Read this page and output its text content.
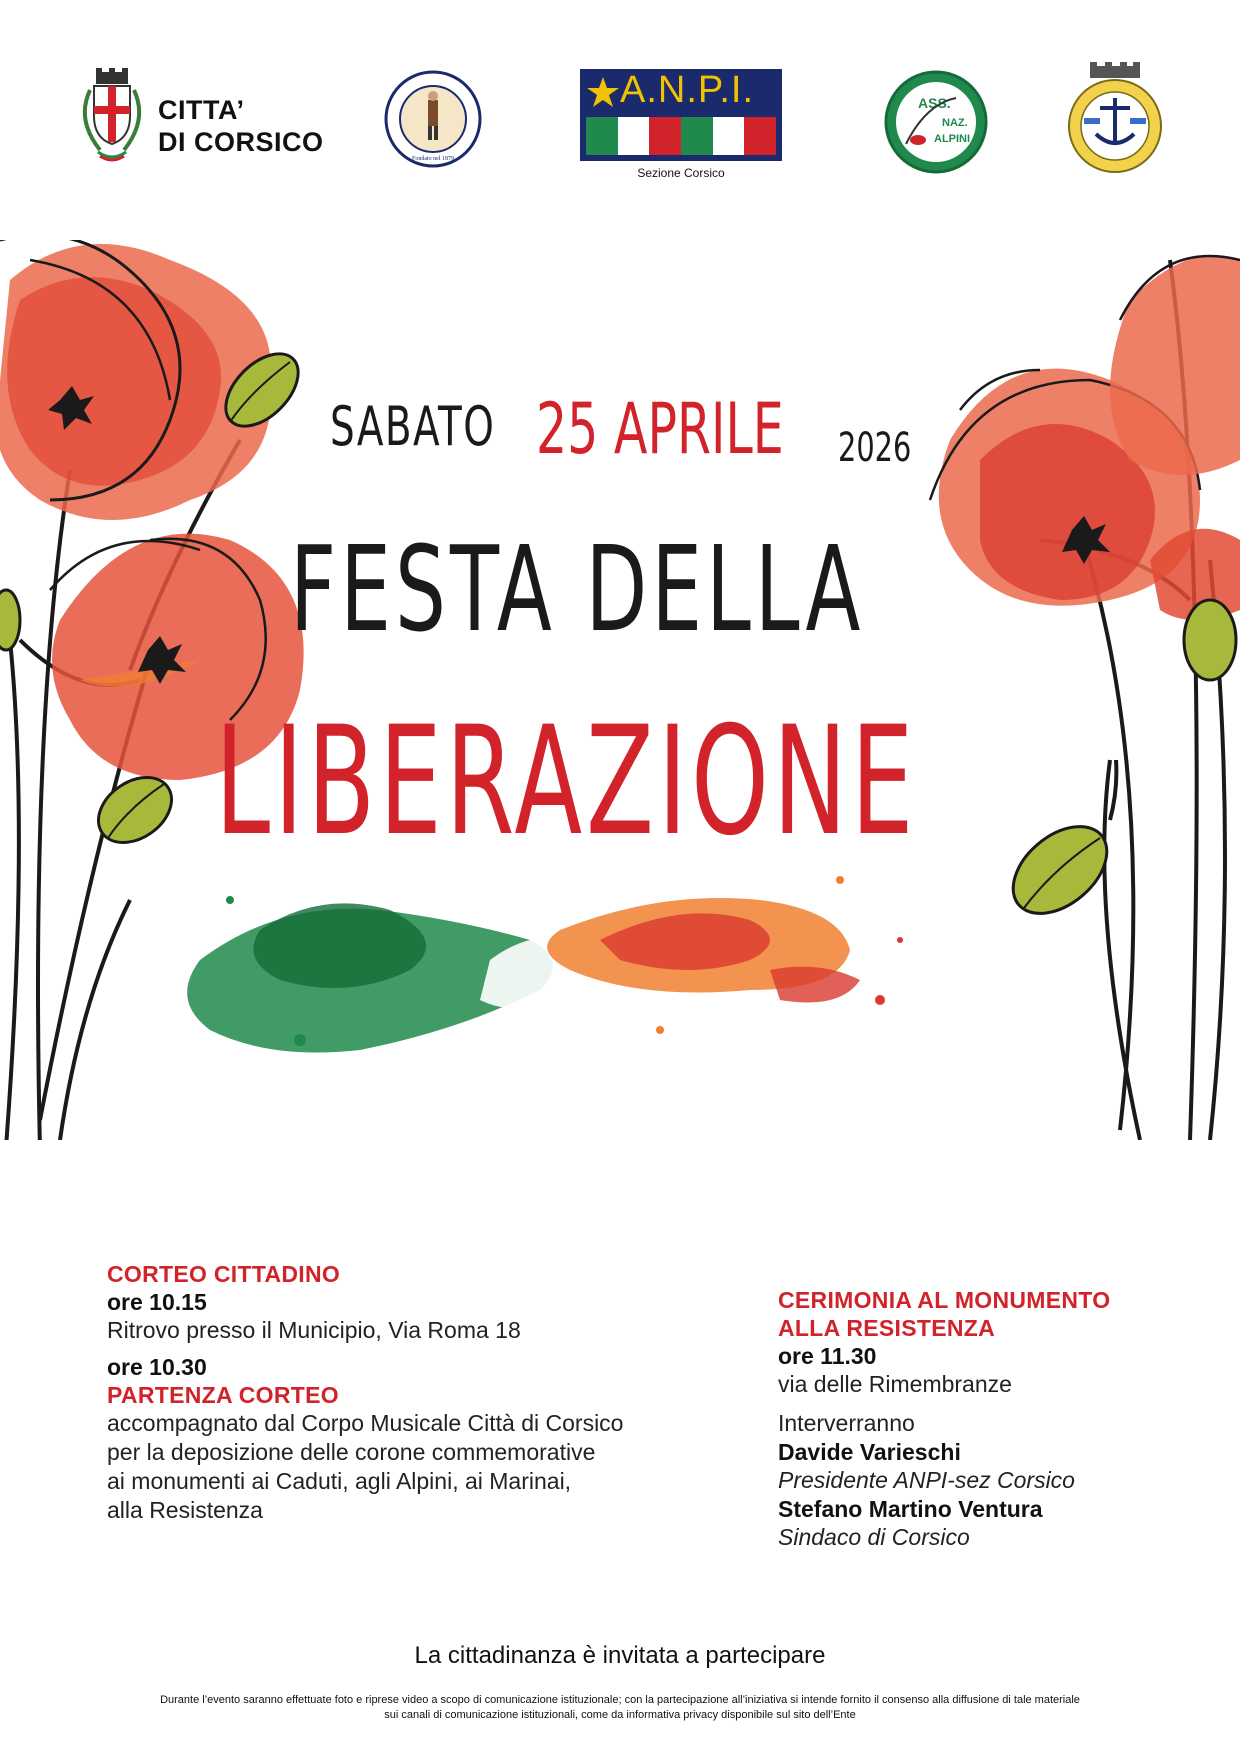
CITTA’
DI CORSICO
Fondato nel 1879
A.N.P.I.
Sezione Corsico
ASS.
NAZ.
ALPINI
SABATO 25 APRILE 2026
FESTA DELLA
LIBERAZIONE
CORTEO CITTADINO
ore 10.15
Ritrovo presso il Municipio, Via Roma 18
ore 10.30
PARTENZA CORTEO
accompagnato dal Corpo Musicale Città di Corsico
per la deposizione delle corone commemorative
ai monumenti ai Caduti, agli Alpini, ai Marinai,
alla Resistenza
CERIMONIA AL MONUMENTO
ALLA RESISTENZA
ore 11.30
via delle Rimembranze
Interverranno
Davide Varieschi
Presidente ANPI-sez Corsico
Stefano Martino Ventura
Sindaco di Corsico
La cittadinanza è invitata a partecipare
Durante l’evento saranno effettuate foto e riprese video a scopo di comunicazione istituzionale; con la partecipazione all’iniziativa si intende fornito il consenso alla diffusione di tale materiale
sui canali di comunicazione istituzionali, come da informativa privacy disponibile sul sito dell’Ente
